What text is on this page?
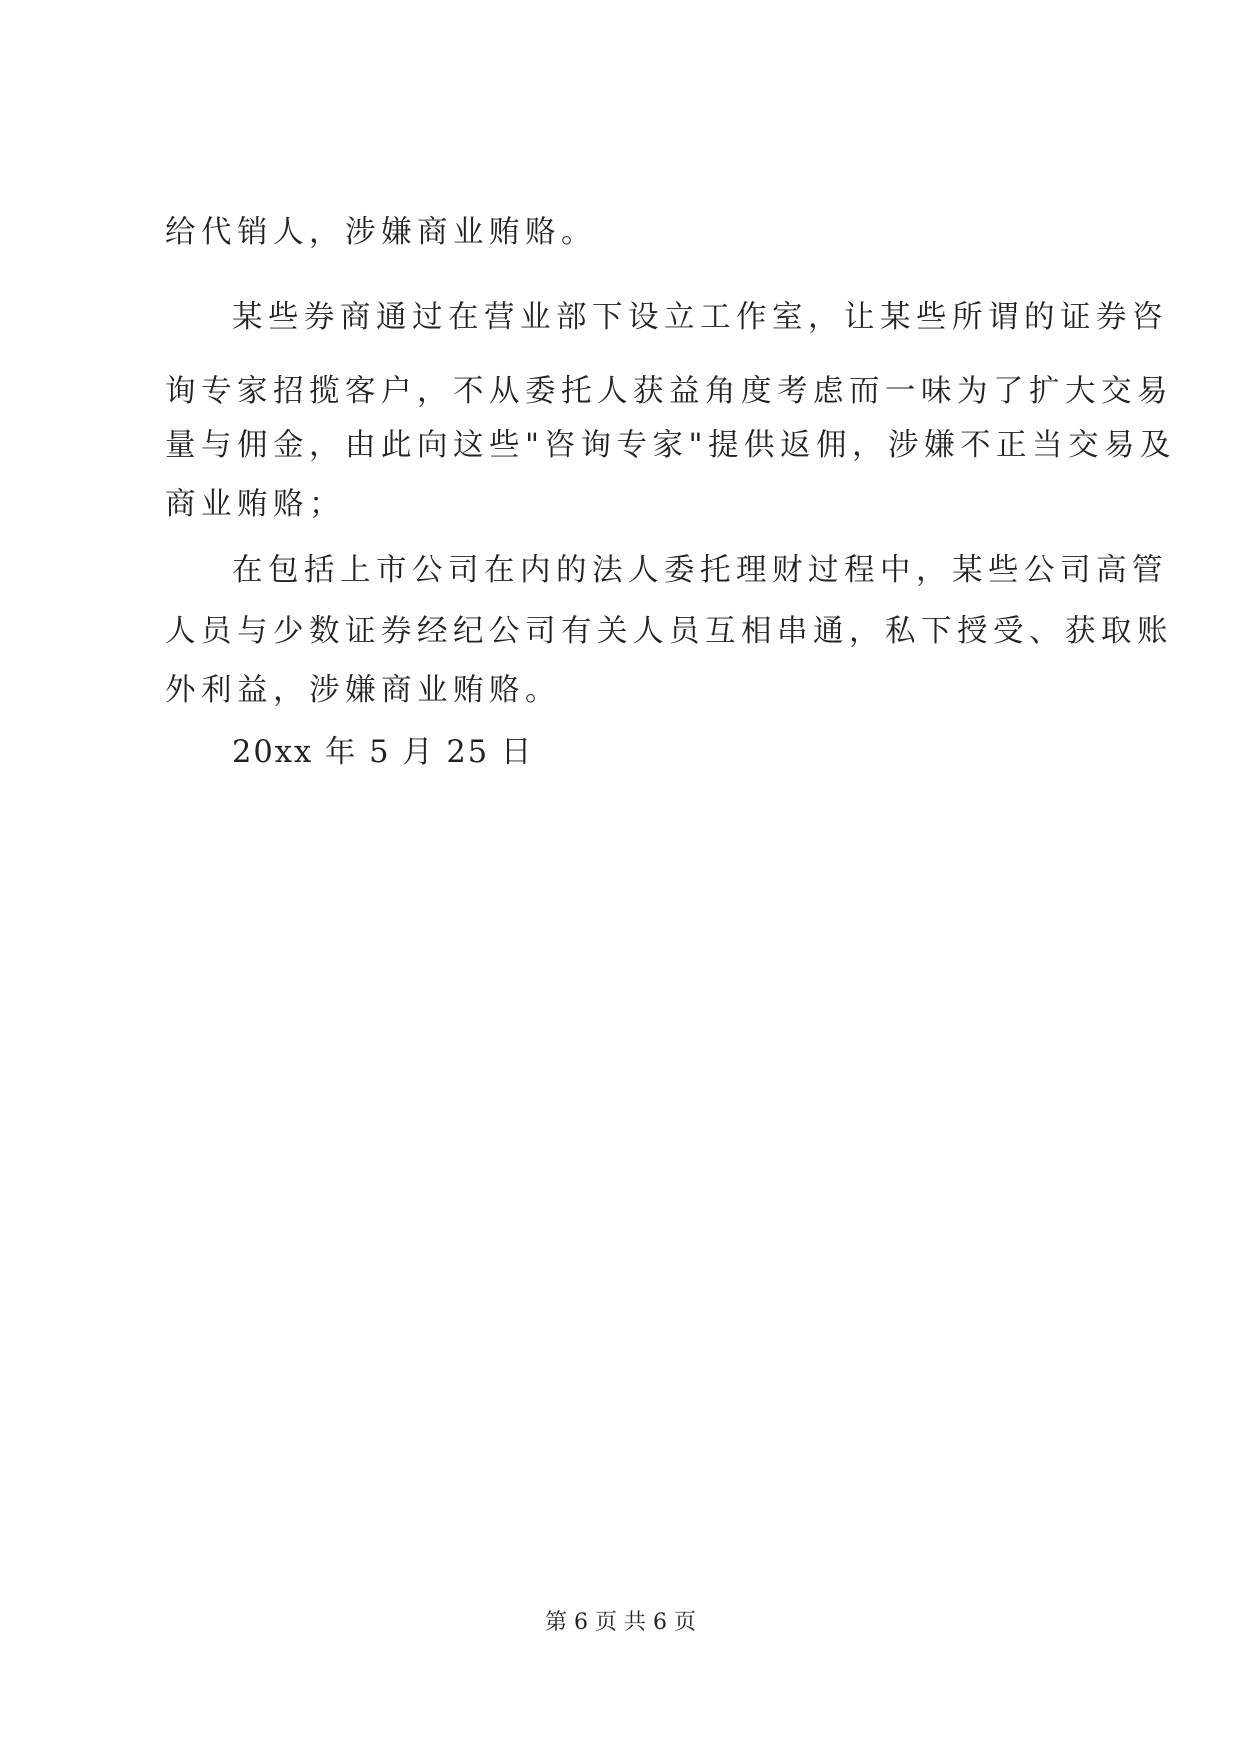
给代销人，涉嫌商业贿赂。
某些券商通过在营业部下设立工作室，让某些所谓的证券咨
询专家招揽客户，不从委托人获益角度考虑而一味为了扩大交易
量与佣金，由此向这些"咨询专家"提供返佣，涉嫌不正当交易及
商业贿赂；
在包括上市公司在内的法人委托理财过程中，某些公司高管
人员与少数证券经纪公司有关人员互相串通，私下授受、获取账
外利益，涉嫌商业贿赂。
20xx 年 5 月 25 日
第 6 页 共 6 页
